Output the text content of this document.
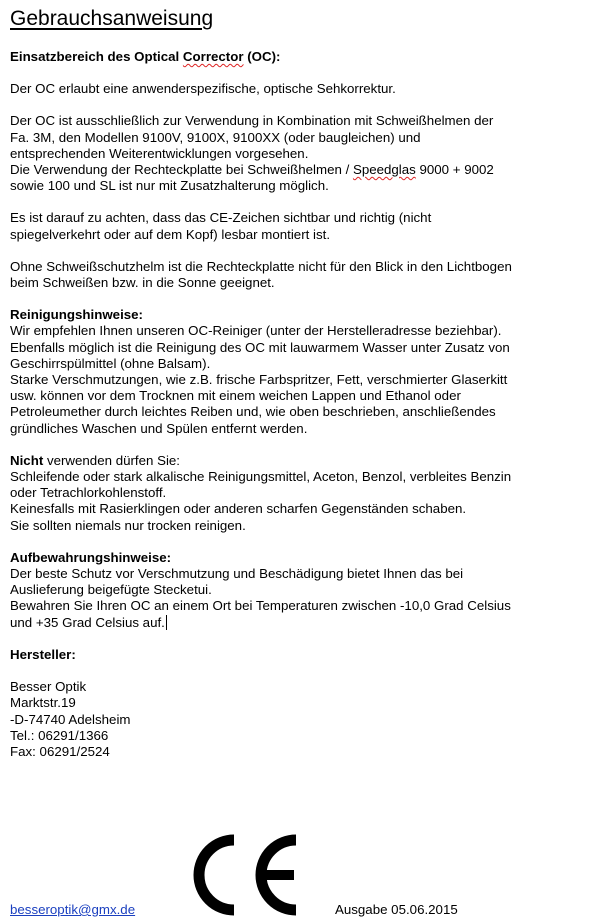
Gebrauchsanweisung

Einsatzbereich des Optical Corrector (OC):

Der OC erlaubt eine anwenderspezifische, optische Sehkorrektur.

Der OC ist ausschließlich zur Verwendung in Kombination mit Schweißhelmen der
Fa. 3M, den Modellen 9100V, 9100X, 9100XX (oder baugleichen) und
entsprechenden Weiterentwicklungen vorgesehen.
Die Verwendung der Rechteckplatte bei Schweißhelmen / Speedglas 9000 + 9002
sowie 100 und SL ist nur mit Zusatzhalterung möglich.

Es ist darauf zu achten, dass das CE-Zeichen sichtbar und richtig (nicht
spiegelverkehrt oder auf dem Kopf) lesbar montiert ist.

Ohne Schweißschutzhelm ist die Rechteckplatte nicht für den Blick in den Lichtbogen
beim Schweißen bzw. in die Sonne geeignet.

Reinigungshinweise:

Wir empfehlen Ihnen unseren OC-Reiniger (unter der Herstelleradresse beziehbar).
Ebenfalls möglich ist die Reinigung des OC mit lauwarmem Wasser unter Zusatz von
Geschirrspülmittel (ohne Balsam).
Starke Verschmutzungen, wie z.B. frische Farbspritzer, Fett, verschmierter Glaserkitt
usw. können vor dem Trocknen mit einem weichen Lappen und Ethanol oder
Petroleumether durch leichtes Reiben und, wie oben beschrieben, anschließendes
gründliches Waschen und Spülen entfernt werden.

Nicht verwenden dürfen Sie:

Schleifende oder stark alkalische Reinigungsmittel, Aceton, Benzol, verbleites Benzin
oder Tetrachlorkohlenstoff.
Keinesfalls mit Rasierklingen oder anderen scharfen Gegenständen schaben.
Sie sollten niemals nur trocken reinigen.

Aufbewahrungshinweise:

Der beste Schutz vor Verschmutzung und Beschädigung bietet Ihnen das bei
Auslieferung beigefügte Stecketui.
Bewahren Sie Ihren OC an einem Ort bei Temperaturen zwischen -10,0 Grad Celsius
und +35 Grad Celsius auf.

Hersteller:

Besser Optik
Marktstr.19
-D-74740 Adelsheim
Tel.: 06291/1366
Fax: 06291/2524

besseroptik@gmx.de	Ausgabe 05.06.2015
